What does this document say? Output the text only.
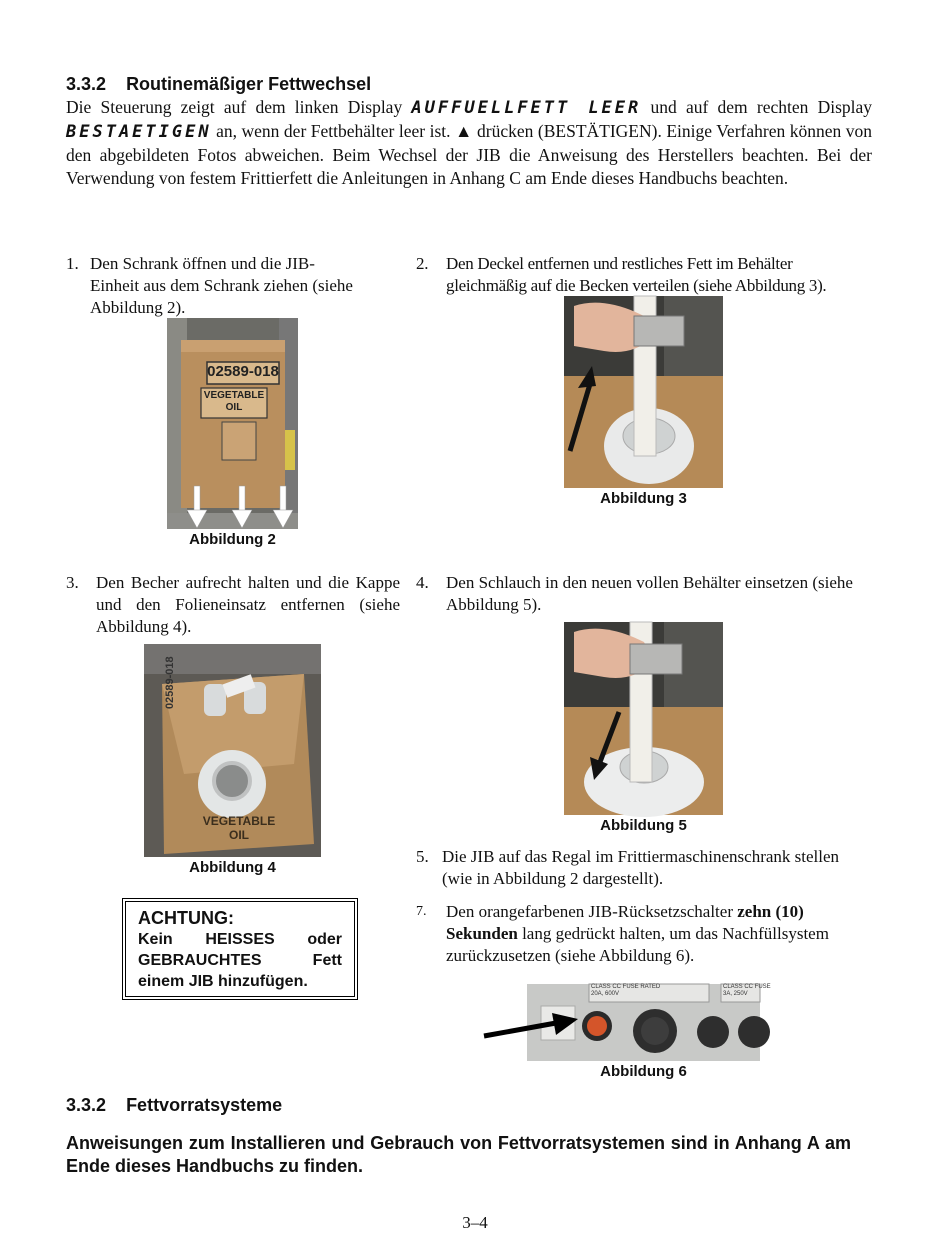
3.3.2 Routinemäßiger Fettwechsel
Die Steuerung zeigt auf dem linken Display AUFFUELLFETT LEER und auf dem rechten Display BESTAETIGEN an, wenn der Fettbehälter leer ist. ▲ drücken (BESTÄTIGEN). Einige Verfahren können von den abgebildeten Fotos abweichen. Beim Wechsel der JIB die Anweisung des Herstellers beachten. Bei der Verwendung von festem Frittierfett die Anleitungen in Anhang C am Ende dieses Handbuchs beachten.
1. Den Schrank öffnen und die JIB-Einheit aus dem Schrank ziehen (siehe Abbildung 2).
02589-018
VEGETABLE
OIL
Abbildung 2
2.	Den Deckel entfernen und restliches Fett im Behälter gleichmäßig auf die Becken verteilen (siehe Abbildung 3).
Abbildung 3
3.	Den Becher aufrecht halten und die Kappe und den Folieneinsatz entfernen (siehe Abbildung 4).
02589-018
VEGETABLE OIL
Abbildung 4
ACHTUNG:
Kein HEISSES oder
GEBRAUCHTES Fett

einem JIB hinzufügen.
4.	Den Schlauch in den neuen vollen Behälter einsetzen (siehe Abbildung 5).
Abbildung 5
5. Die JIB auf das Regal im Frittiermaschinenschrank stellen (wie in Abbildung 2 dargestellt).
7.	Den orangefarbenen JIB-Rücksetzschalter zehn (10) Sekunden lang gedrückt halten, um das Nachfüllsystem zurückzusetzen (siehe Abbildung 6).
CLASS CC FUSE RATED
20A, 600V
CLASS CC FUSE
3A, 250V
Abbildung 6
3.3.2 Fettvorratsysteme
Anweisungen zum Installieren und Gebrauch von Fettvorratsystemen sind in Anhang A am Ende dieses Handbuchs zu finden.
3–4
